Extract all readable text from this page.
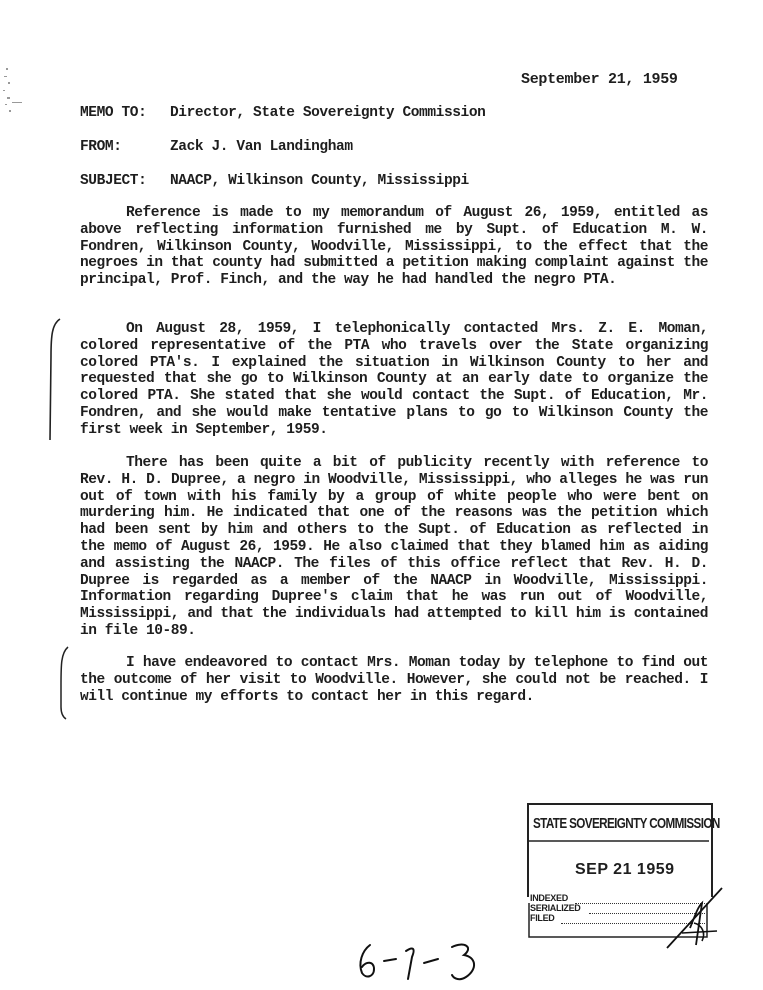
September 21, 1959
MEMO TO: Director, State Sovereignty Commission
FROM:	Zack J. Van Landingham
SUBJECT: NAACP, Wilkinson County, Mississippi

Reference is made to my memorandum of August 26, 1959, entitled as above reflecting information furnished me by Supt. of Education M. W. Fondren, Wilkinson County, Woodville, Mississippi, to the effect that the negroes in that county had submitted a petition making complaint against the principal, Prof. Finch, and the way he had handled the negro PTA.

On August 28, 1959, I telephonically contacted Mrs. Z. E. Moman, colored representative of the PTA who travels over the State organizing colored PTA's. I explained the situation in Wilkinson County to her and requested that she go to Wilkinson County at an early date to organize the colored PTA. She stated that she would contact the Supt. of Education, Mr. Fondren, and she would make tentative plans to go to Wilkinson County the first week in September, 1959.

There has been quite a bit of publicity recently with reference to Rev. H. D. Dupree, a negro in Woodville, Mississippi, who alleges he was run out of town with his family by a group of white people who were bent on murdering him. He indicated that one of the reasons was the petition which had been sent by him and others to the Supt. of Education as reflected in the memo of August 26, 1959. He also claimed that they blamed him as aiding and assisting the NAACP. The files of this office reflect that Rev. H. D. Dupree is regarded as a member of the NAACP in Woodville, Mississippi. Information regarding Dupree's claim that he was run out of Woodville, Mississippi, and that the individuals had attempted to kill him is contained in file 10-89.

I have endeavored to contact Mrs. Moman today by telephone to find out the outcome of her visit to Woodville. However, she could not be reached. I will continue my efforts to contact her in this regard.

STATE SOVEREIGNTY COMMISSION
SEP 21 1959
INDEXED
SERIALIZED
FILED
